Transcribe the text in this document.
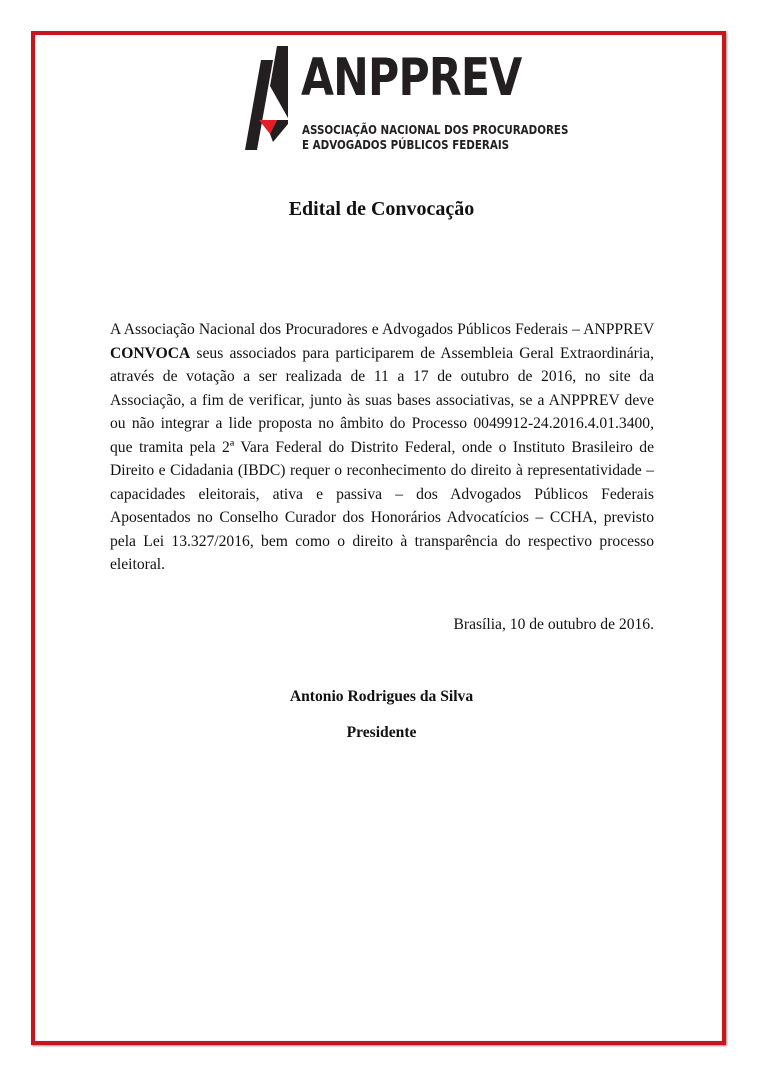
ANPPREV
ASSOCIAÇÃO NACIONAL DOS PROCURADORES
E ADVOGADOS PÚBLICOS FEDERAIS
Edital de Convocação
A Associação Nacional dos Procuradores e Advogados Públicos Federais – ANPPREV CONVOCA seus associados para participarem de Assembleia Geral Extraordinária, através de votação a ser realizada de 11 a 17 de outubro de 2016, no site da Associação, a fim de verificar, junto às suas bases associativas, se a ANPPREV deve ou não integrar a lide proposta no âmbito do Processo 0049912-24.2016.4.01.3400, que tramita pela 2ª Vara Federal do Distrito Federal, onde o Instituto Brasileiro de Direito e Cidadania (IBDC) requer o reconhecimento do direito à representatividade – capacidades eleitorais, ativa e passiva – dos Advogados Públicos Federais Aposentados no Conselho Curador dos Honorários Advocatícios – CCHA, previsto pela Lei 13.327/2016, bem como o direito à transparência do respectivo processo eleitoral.
Brasília, 10 de outubro de 2016.
Antonio Rodrigues da Silva
Presidente
